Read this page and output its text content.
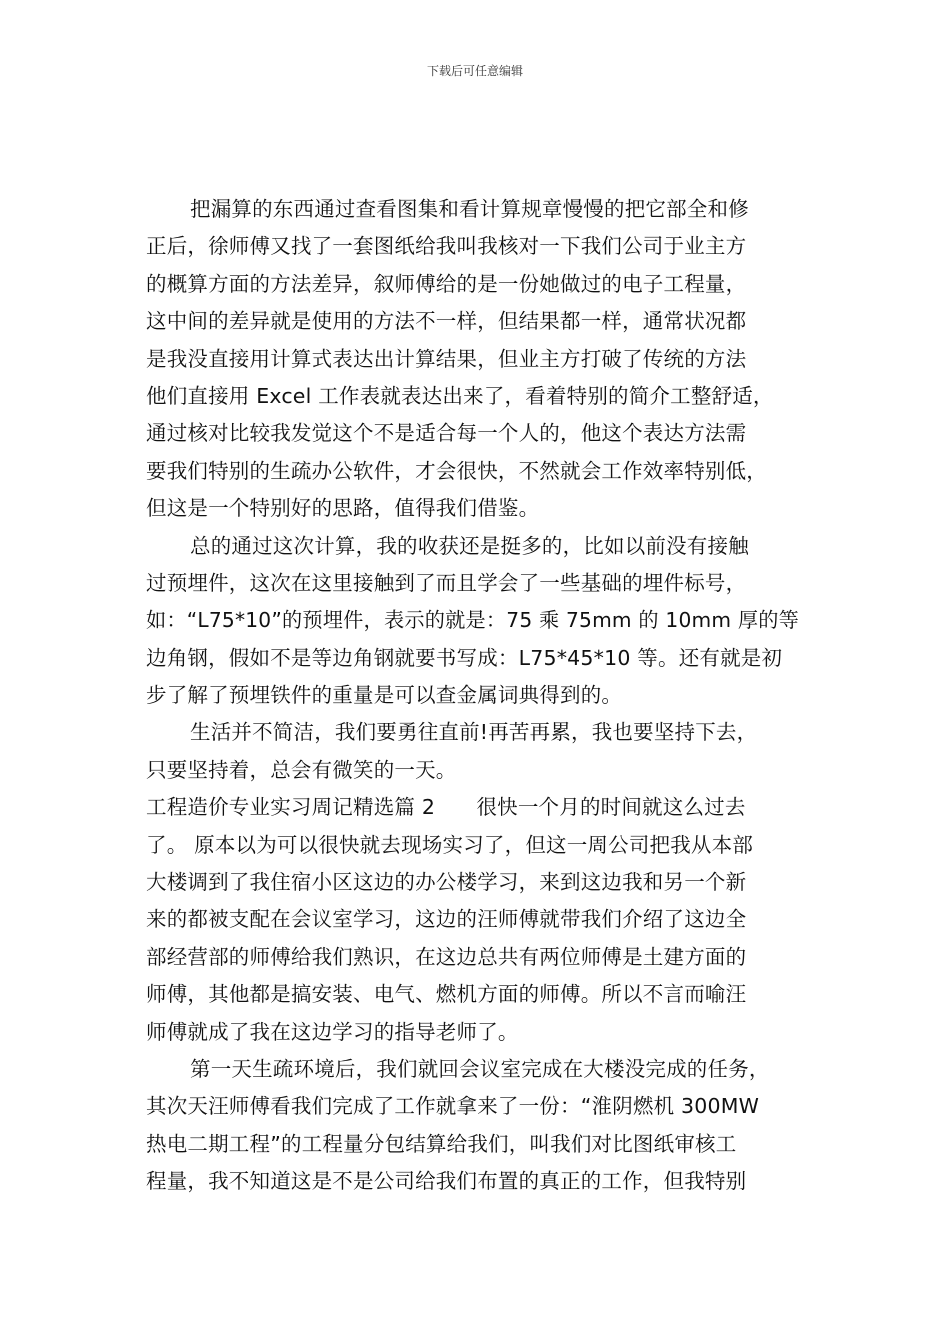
下载后可任意编辑
把漏算的东西通过查看图集和看计算规章慢慢的把它部全和修
正后，徐师傅又找了一套图纸给我叫我核对一下我们公司于业主方
的概算方面的方法差异，叙师傅给的是一份她做过的电子工程量，
这中间的差异就是使用的方法不一样，但结果都一样，通常状况都
是我没直接用计算式表达出计算结果，但业主方打破了传统的方法
他们直接用 Excel 工作表就表达出来了，看着特别的简介工整舒适，
通过核对比较我发觉这个不是适合每一个人的，他这个表达方法需
要我们特别的生疏办公软件，才会很快，不然就会工作效率特别低，
但这是一个特别好的思路，值得我们借鉴。
总的通过这次计算，我的收获还是挺多的，比如以前没有接触
过预埋件，这次在这里接触到了而且学会了一些基础的埋件标号，
如：“L75*10”的预埋件，表示的就是：75 乘 75mm 的 10mm 厚的等
边角钢，假如不是等边角钢就要书写成：L75*45*10 等。还有就是初
步了解了预埋铁件的重量是可以查金属词典得到的。
生活并不简洁，我们要勇往直前!再苦再累，我也要坚持下去，
只要坚持着，总会有微笑的一天。
工程造价专业实习周记精选篇 2　　很快一个月的时间就这么过去
了。 原本以为可以很快就去现场实习了，但这一周公司把我从本部
大楼调到了我住宿小区这边的办公楼学习，来到这边我和另一个新
来的都被支配在会议室学习，这边的汪师傅就带我们介绍了这边全
部经营部的师傅给我们熟识，在这边总共有两位师傅是土建方面的
师傅，其他都是搞安装、电气、燃机方面的师傅。所以不言而喻汪
师傅就成了我在这边学习的指导老师了。
第一天生疏环境后，我们就回会议室完成在大楼没完成的任务，
其次天汪师傅看我们完成了工作就拿来了一份：“淮阴燃机 300MW
热电二期工程”的工程量分包结算给我们，叫我们对比图纸审核工
程量，我不知道这是不是公司给我们布置的真正的工作，但我特别
